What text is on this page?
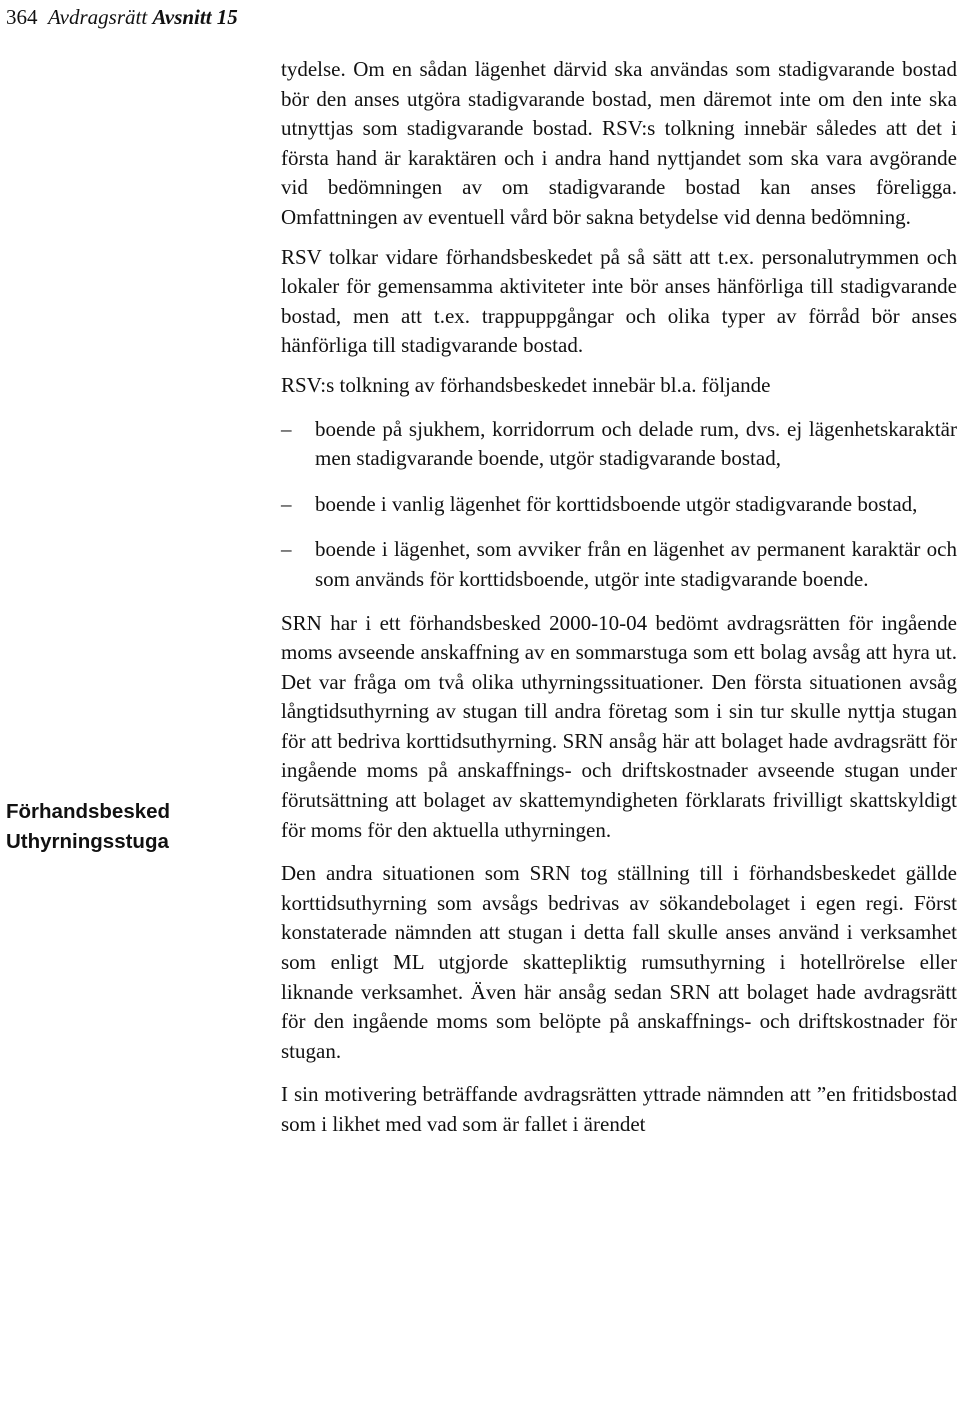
364 Avdragsrätt Avsnitt 15
Förhandsbesked
Uthyrningsstuga

tydelse. Om en sådan lägenhet därvid ska användas som stadigvarande bostad bör den anses utgöra stadigvarande bostad, men däremot inte om den inte ska utnyttjas som stadigvarande bostad. RSV:s tolkning innebär således att det i första hand är karaktären och i andra hand nyttjandet som ska vara avgörande vid bedömningen av om stadigvarande bostad kan anses föreligga. Omfattningen av eventuell vård bör sakna betydelse vid denna bedömning.

RSV tolkar vidare förhandsbeskedet på så sätt att t.ex. personalutrymmen och lokaler för gemensamma aktiviteter inte bör anses hänförliga till stadigvarande bostad, men att t.ex. trappuppgångar och olika typer av förråd bör anses hänförliga till stadigvarande bostad.

RSV:s tolkning av förhandsbeskedet innebär bl.a. följande

– boende på sjukhem, korridorrum och delade rum, dvs. ej lägenhetskaraktär men stadigvarande boende, utgör stadigvarande bostad,
– boende i vanlig lägenhet för korttidsboende utgör stadigvarande bostad,
– boende i lägenhet, som avviker från en lägenhet av permanent karaktär och som används för korttidsboende, utgör inte stadigvarande boende.

SRN har i ett förhandsbesked 2000-10-04 bedömt avdragsrätten för ingående moms avseende anskaffning av en sommarstuga som ett bolag avsåg att hyra ut. Det var fråga om två olika uthyrningssituationer. Den första situationen avsåg långtidsuthyrning av stugan till andra företag som i sin tur skulle nyttja stugan för att bedriva korttidsuthyrning. SRN ansåg här att bolaget hade avdragsrätt för ingående moms på anskaffnings- och driftskostnader avseende stugan under förutsättning att bolaget av skattemyndigheten förklarats frivilligt skattskyldigt för moms för den aktuella uthyrningen.

Den andra situationen som SRN tog ställning till i förhandsbeskedet gällde korttidsuthyrning som avsågs bedrivas av sökandebolaget i egen regi. Först konstaterade nämnden att stugan i detta fall skulle anses använd i verksamhet som enligt ML utgjorde skattepliktig rumsuthyrning i hotellrörelse eller liknande verksamhet. Även här ansåg sedan SRN att bolaget hade avdragsrätt för den ingående moms som belöpte på anskaffnings- och driftskostnader för stugan.

I sin motivering beträffande avdragsrätten yttrade nämnden att ”en fritidsbostad som i likhet med vad som är fallet i ärendet
